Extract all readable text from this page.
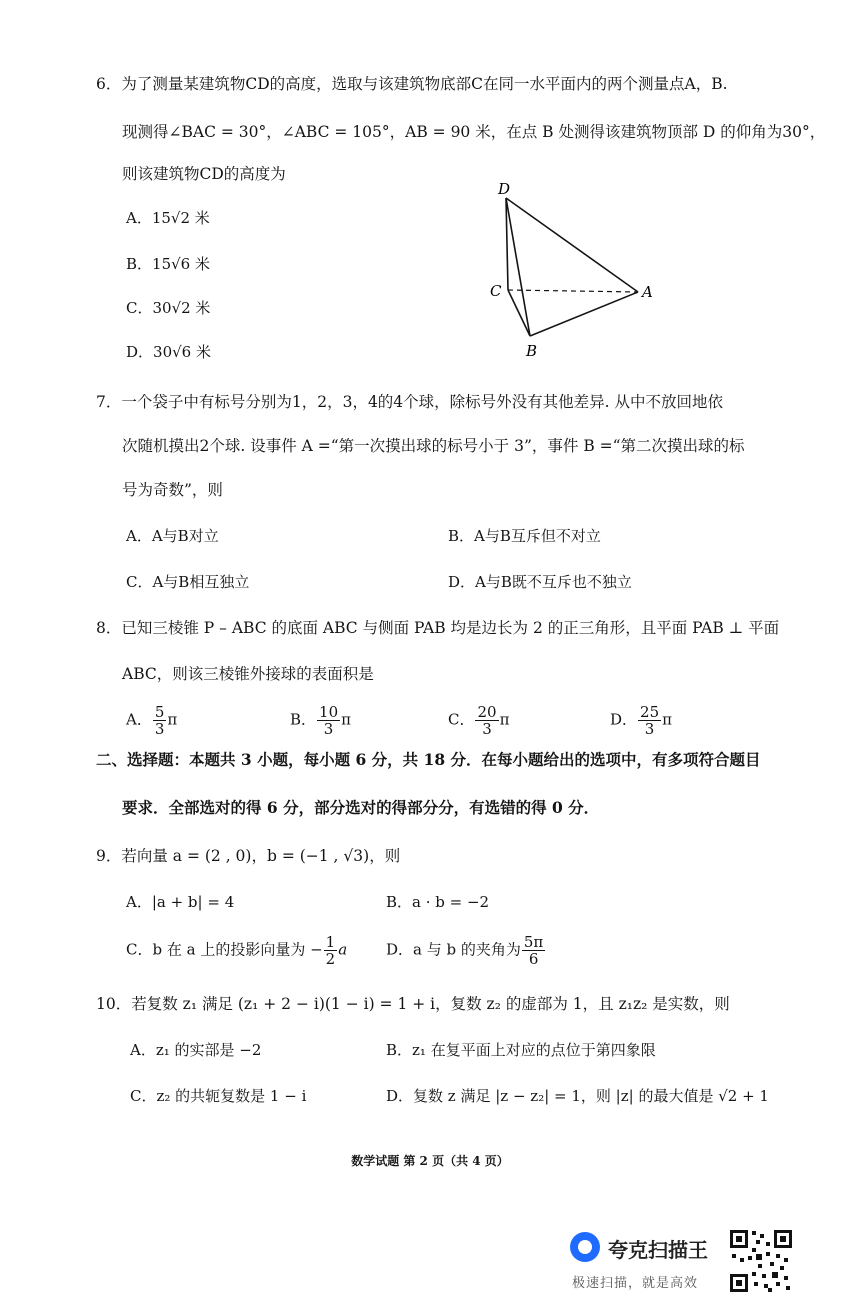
6．为了测量某建筑物CD的高度，选取与该建筑物底部C在同一水平面内的两个测量点A，B.
现测得∠BAC = 30°，∠ABC = 105°，AB = 90 米，在点 B 处测得该建筑物顶部 D 的仰角为30°，
则该建筑物CD的高度为
A．15√2 米
B．15√6 米
C．30√2 米
D．30√6 米
D
C	A
B
7．一个袋子中有标号分别为1，2，3，4的4个球，除标号外没有其他差异. 从中不放回地依
次随机摸出2个球. 设事件 A =“第一次摸出球的标号小于 3”，事件 B =“第二次摸出球的标
号为奇数”，则
A．A与B对立	B．A与B互斥但不对立
C．A与B相互独立	D．A与B既不互斥也不独立
8．已知三棱锥 P – ABC 的底面 ABC 与侧面 PAB 均是边长为 2 的正三角形，且平面 PAB ⊥ 平面
ABC，则该三棱锥外接球的表面积是
A． $\frac{5}{3}$ π	B． $\frac{10}{3}$ π	C． $\frac{20}{3}$ π	D． $\frac{25}{3}$ π
二、选择题：本题共 3 小题，每小题 6 分，共 18 分．在每小题给出的选项中，有多项符合题目
要求．全部选对的得 6 分，部分选对的得部分分，有选错的得 0 分．
9．若向量 a = (2 , 0)，b = (−1 , √3)，则
A．|a + b| = 4	B．a · b = −2
C．b 在 a 上的投影向量为 − $\frac{1}{2}$ a	D．a 与 b 的夹角为 $\frac{5\pi}{6}$
10．若复数 z₁ 满足 (z₁ + 2 − i)(1 − i) = 1 + i，复数 z₂ 的虚部为 1，且 z₁z₂ 是实数，则
A．z₁ 的实部是 −2	B．z₁ 在复平面上对应的点位于第四象限
C．z₂ 的共轭复数是 1 − i	D．复数 z 满足 |z − z₂| = 1，则 |z| 的最大值是 √2 + 1
数学试题 第 2 页（共 4 页）
夸克扫描王
极速扫描，就是高效
